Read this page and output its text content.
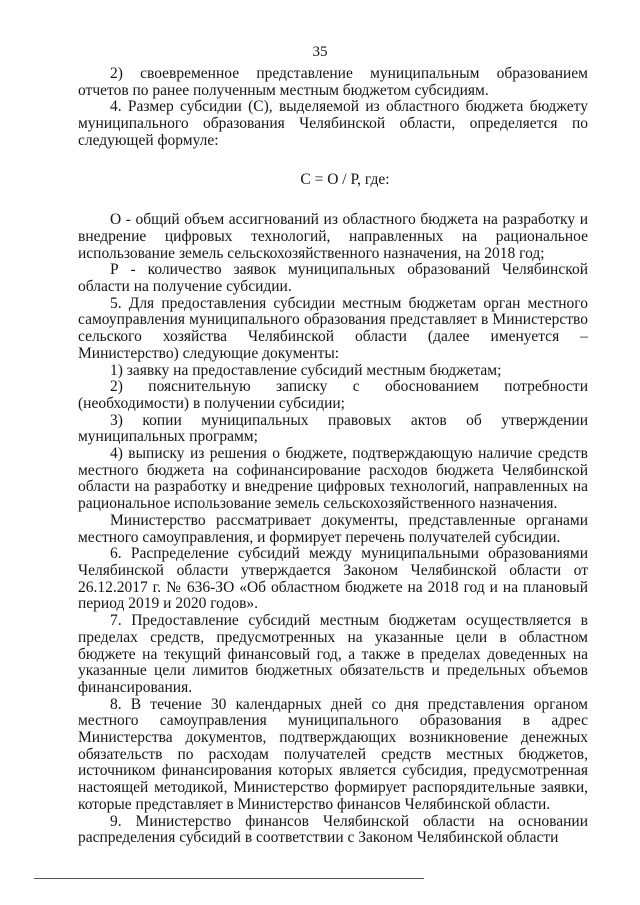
35

2) своевременное представление муниципальным образованием отчетов по ранее полученным местным бюджетом субсидиям.

4. Размер субсидии (С), выделяемой из областного бюджета бюджету муниципального образования Челябинской области, определяется по следующей формуле:

С = О / Р, где:

О - общий объем ассигнований из областного бюджета на разработку и внедрение цифровых технологий, направленных на рациональное использование земель сельскохозяйственного назначения, на 2018 год;

Р - количество заявок муниципальных образований Челябинской области на получение субсидии.

5. Для предоставления субсидии местным бюджетам орган местного самоуправления муниципального образования представляет в Министерство сельского хозяйства Челябинской области (далее именуется – Министерство) следующие документы:

1) заявку на предоставление субсидий местным бюджетам;

2) пояснительную записку с обоснованием потребности (необходимости) в получении субсидии;

3) копии муниципальных правовых актов об утверждении муниципальных программ;

4) выписку из решения о бюджете, подтверждающую наличие средств местного бюджета на софинансирование расходов бюджета Челябинской области на разработку и внедрение цифровых технологий, направленных на рациональное использование земель сельскохозяйственного назначения.

Министерство рассматривает документы, представленные органами местного самоуправления, и формирует перечень получателей субсидии.

6. Распределение субсидий между муниципальными образованиями Челябинской области утверждается Законом Челябинской области от 26.12.2017 г. № 636-ЗО «Об областном бюджете на 2018 год и на плановый период 2019 и 2020 годов».

7. Предоставление субсидий местным бюджетам осуществляется в пределах средств, предусмотренных на указанные цели в областном бюджете на текущий финансовый год, а также в пределах доведенных на указанные цели лимитов бюджетных обязательств и предельных объемов финансирования.

8. В течение 30 календарных дней со дня представления органом местного самоуправления муниципального образования в адрес Министерства документов, подтверждающих возникновение денежных обязательств по расходам получателей средств местных бюджетов, источником финансирования которых является субсидия, предусмотренная настоящей методикой, Министерство формирует распорядительные заявки, которые представляет в Министерство финансов Челябинской области.

9. Министерство финансов Челябинской области на основании распределения субсидий в соответствии с Законом Челябинской области
